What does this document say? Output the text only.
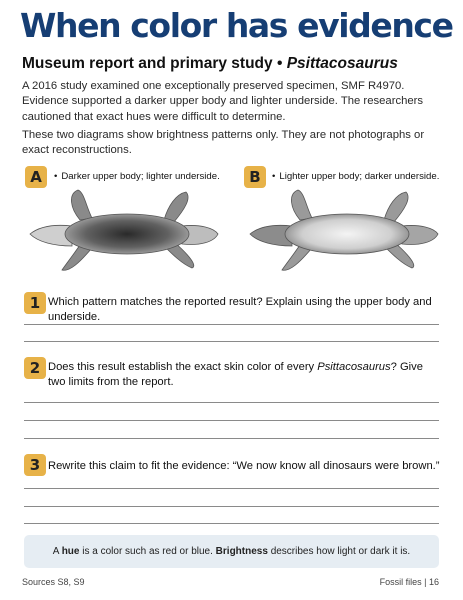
When color has evidence
Museum report and primary study • Psittacosaurus

A 2016 study examined one exceptionally preserved specimen, SMF R4970. Evidence supported a darker upper body and lighter underside. The researchers cautioned that exact hues were difficult to determine.

These two diagrams show brightness patterns only. They are not photographs or exact reconstructions.

A	• Darker upper body; lighter underside.	B	• Lighter upper body; darker underside.
1 Which pattern matches the reported result? Explain using the upper body and underside.

2 Does this result establish the exact skin color of every Psittacosaurus? Give two limits from the report.

3 Rewrite this claim to fit the evidence: “We now know all dinosaurs were brown.”

A hue is a color such as red or blue. Brightness describes how light or dark it is.
Sources S8, S9	Fossil files | 16
